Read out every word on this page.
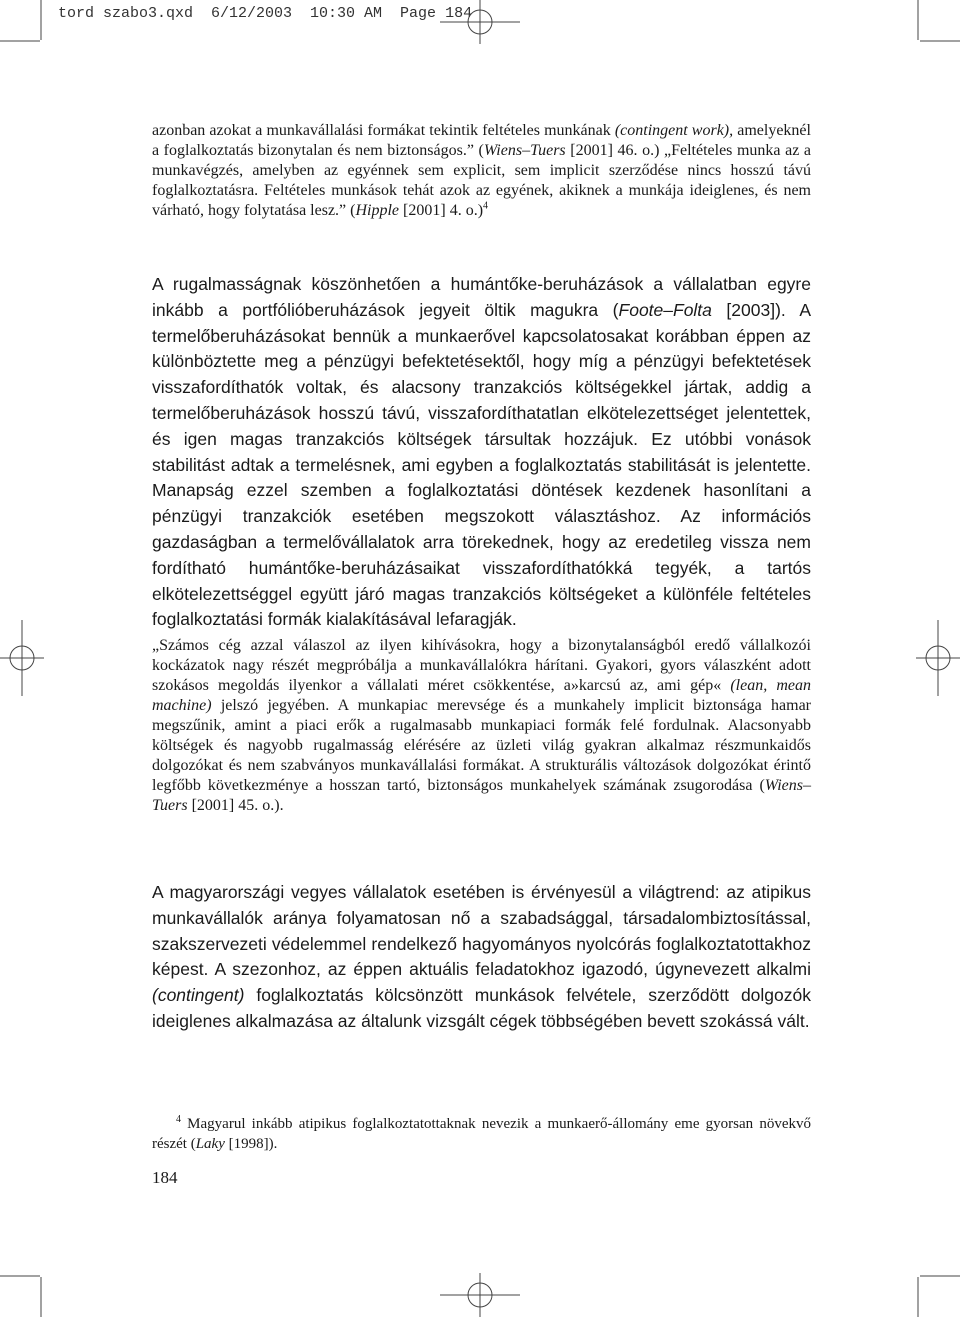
tord szabo3.qxd  6/12/2003  10:30 AM  Page 184

azonban azokat a munkavállalási formákat tekintik feltételes munkának (contingent work), amelyeknél a foglalkoztatás bizonytalan és nem biztonságos.” (Wiens–Tuers [2001] 46. o.) „Feltételes munka az a munkavégzés, amelyben az egyénnek sem explicit, sem implicit szerződése nincs hosszú távú foglalkoztatásra. Feltételes munkások tehát azok az egyének, akiknek a munkája ideiglenes, és nem várható, hogy folytatása lesz.” (Hipple [2001] 4. o.)$^4$

A rugalmasságnak köszönhetően a humántőke-beruházások a vállalatban egyre inkább a portfólióberuházások jegyeit öltik magukra (Foote–Folta [2003]). A termelőberuházásokat bennük a munkaerővel kapcsolatosakat korábban éppen az különböztette meg a pénzügyi befektetésektől, hogy míg a pénzügyi befektetések visszafordíthatók voltak, és alacsony tranzakciós költségekkel jártak, addig a termelőberuházások hosszú távú, visszafordíthatatlan elkötelezettséget jelentettek, és igen magas tranzakciós költségek társultak hozzájuk. Ez utóbbi vonások stabilitást adtak a termelésnek, ami egyben a foglalkoztatás stabilitását is jelentette. Manapság ezzel szemben a foglalkoztatási döntések kezdenek hasonlítani a pénzügyi tranzakciók esetében megszokott választáshoz. Az információs gazdaságban a termelővállalatok arra törekednek, hogy az eredetileg vissza nem fordítható humántőke-beruházásaikat visszafordíthatókká tegyék, a tartós elkötelezettséggel együtt járó magas tranzakciós költségeket a különféle feltételes foglalkoztatási formák kialakításával lefaragják.

„Számos cég azzal válaszol az ilyen kihívásokra, hogy a bizonytalanságból eredő vállalkozói kockázatok nagy részét megpróbálja a munkavállalókra hárítani. Gyakori, gyors válaszként adott szokásos megoldás ilyenkor a vállalati méret csökkentése, a»karcsú az, ami gép« (lean, mean machine) jelszó jegyében. A munkapiac merevsége és a munkahely implicit biztonsága hamar megszűnik, amint a piaci erők a rugalmasabb munkapiaci formák felé fordulnak. Alacsonyabb költségek és nagyobb rugalmasság elérésére az üzleti világ gyakran alkalmaz részmunkaidős dolgozókat és nem szabványos munkavállalási formákat. A strukturális változások dolgozókat érintő legfőbb következménye a hosszan tartó, biztonságos munkahelyek számának zsugorodása (Wiens–Tuers [2001] 45. o.).

A magyarországi vegyes vállalatok esetében is érvényesül a világtrend: az atipikus munkavállalók aránya folyamatosan nő a szabadsággal, társadalombiztosítással, szakszervezeti védelemmel rendelkező hagyományos nyolcórás foglalkoztatottakhoz képest. A szezonhoz, az éppen aktuális feladatokhoz igazodó, úgynevezett alkalmi (contingent) foglalkoztatás kölcsönzött munkások felvétele, szerződött dolgozók ideiglenes alkalmazása az általunk vizsgált cégek többségében bevett szokássá vált.

$^4$ Magyarul inkább atipikus foglalkoztatottaknak nevezik a munkaerő-állomány eme gyorsan növekvő részét (Laky [1998]).

184
